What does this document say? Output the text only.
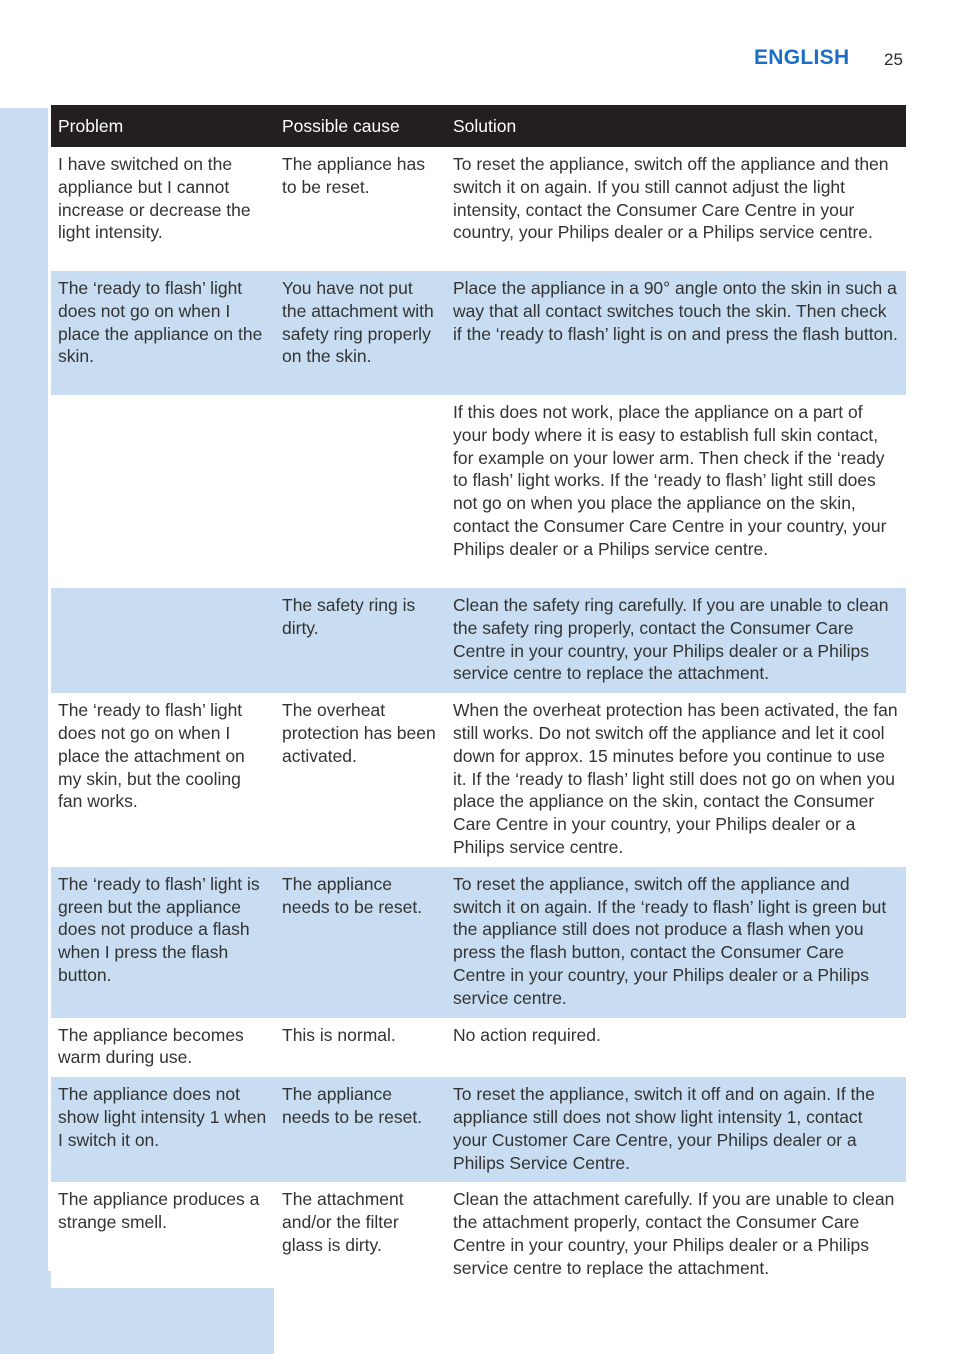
ENGLISH 25
Problem	Possible cause	Solution
I have switched on the appliance but I cannot increase or decrease the light intensity.	The appliance has to be reset.	To reset the appliance, switch off the appliance and then switch it on again. If you still cannot adjust the light intensity, contact the Consumer Care Centre in your country, your Philips dealer or a Philips service centre.
The ‘ready to flash’ light does not go on when I place the appliance on the skin.	You have not put the attachment with safety ring properly on the skin.	Place the appliance in a 90° angle onto the skin in such a way that all contact switches touch the skin. Then check if the ‘ready to flash’ light is on and press the flash button.
		If this does not work, place the appliance on a part of your body where it is easy to establish full skin contact, for example on your lower arm. Then check if the ‘ready to flash’ light works. If the ‘ready to flash’ light still does not go on when you place the appliance on the skin, contact the Consumer Care Centre in your country, your Philips dealer or a Philips service centre.
	The safety ring is dirty.	Clean the safety ring carefully. If you are unable to clean the safety ring properly, contact the Consumer Care Centre in your country, your Philips dealer or a Philips service centre to replace the attachment.
The ‘ready to flash’ light does not go on when I place the attachment on my skin, but the cooling fan works.	The overheat protection has been activated.	When the overheat protection has been activated, the fan still works. Do not switch off the appliance and let it cool down for approx. 15 minutes before you continue to use it. If the ‘ready to flash’ light still does not go on when you place the appliance on the skin, contact the Consumer Care Centre in your country, your Philips dealer or a Philips service centre.
The ‘ready to flash’ light is green but the appliance does not produce a flash when I press the flash button.	The appliance needs to be reset.	To reset the appliance, switch off the appliance and switch it on again. If the ‘ready to flash’ light is green but the appliance still does not produce a flash when you press the flash button, contact the Consumer Care Centre in your country, your Philips dealer or a Philips service centre.
The appliance becomes warm during use.	This is normal.	No action required.
The appliance does not show light intensity 1 when I switch it on.	The appliance needs to be reset.	To reset the appliance, switch it off and on again. If the appliance still does not show light intensity 1, contact your Customer Care Centre, your Philips dealer or a Philips Service Centre.
The appliance produces a strange smell.	The attachment and/or the filter glass is dirty.	Clean the attachment carefully. If you are unable to clean the attachment properly, contact the Consumer Care Centre in your country, your Philips dealer or a Philips service centre to replace the attachment.
